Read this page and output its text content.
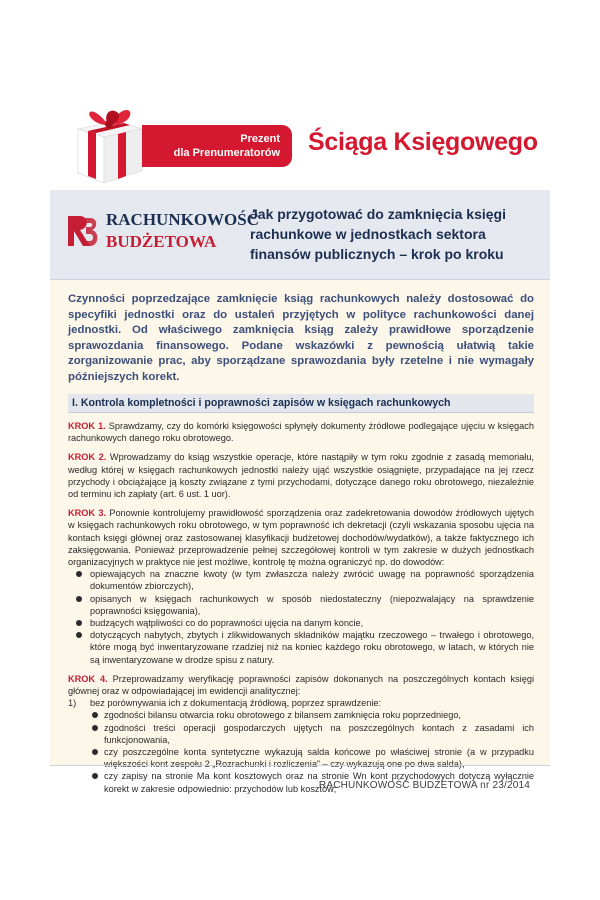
Prezent
dla Prenumeratorów Ściąga Księgowego
RACHUNKOWOŚĆ
BUDŻETOWA
Jak przygotować do zamknięcia księgi rachunkowe w jednostkach sektora finansów publicznych – krok po kroku

Czynności poprzedzające zamknięcie ksiąg rachunkowych należy dostosować do specyfiki jednostki oraz do ustaleń przyjętych w polityce rachunkowości danej jednostki. Od właściwego zamknięcia ksiąg zależy prawidłowe sporządzenie sprawozdania finansowego. Podane wskazówki z pewnością ułatwią takie zorganizowanie prac, aby sporządzane sprawozdania były rzetelne i nie wymagały późniejszych korekt.

I. Kontrola kompletności i poprawności zapisów w księgach rachunkowych

KROK 1. Sprawdzamy, czy do komórki księgowości spłynęły dokumenty źródłowe podlegające ujęciu w księgach rachunkowych danego roku obrotowego.

KROK 2. Wprowadzamy do ksiąg wszystkie operacje, które nastąpiły w tym roku zgodnie z zasadą memoriału, według której w księgach rachunkowych jednostki należy ująć wszystkie osiągnięte, przypadające na jej rzecz przychody i obciążające ją koszty związane z tymi przychodami, dotyczące danego roku obrotowego, niezależnie od terminu ich zapłaty (art. 6 ust. 1 uor).

KROK 3. Ponownie kontrolujemy prawidłowość sporządzenia oraz zadekretowania dowodów źródłowych ujętych w księgach rachunkowych roku obrotowego, w tym poprawność ich dekretacji (czyli wskazania sposobu ujęcia na kontach księgi głównej oraz zastosowanej klasyfikacji budżetowej dochodów/wydatków), a także faktycznego ich zaksięgowania. Ponieważ przeprowadzenie pełnej szczegółowej kontroli w tym zakresie w dużych jednostkach organizacyjnych w praktyce nie jest możliwe, kontrolę tę można ograniczyć np. do dowodów:

opiewających na znaczne kwoty (w tym zwłaszcza należy zwrócić uwagę na poprawność sporządzenia dokumentów zbiorczych),
opisanych w księgach rachunkowych w sposób niedostateczny (niepozwalający na sprawdzenie poprawności księgowania),
budzących wątpliwości co do poprawności ujęcia na danym koncie,
dotyczących nabytych, zbytych i zlikwidowanych składników majątku rzeczowego – trwałego i obrotowego, które mogą być inwentaryzowane rzadziej niż na koniec każdego roku obrotowego, w latach, w których nie są inwentaryzowane w drodze spisu z natury.

KROK 4. Przeprowadzamy weryfikację poprawności zapisów dokonanych na poszczególnych kontach księgi głównej oraz w odpowiadającej im ewidencji analitycznej:

1) bez porównywania ich z dokumentacją źródłową, poprzez sprawdzenie:
zgodności bilansu otwarcia roku obrotowego z bilansem zamknięcia roku poprzedniego,
zgodności treści operacji gospodarczych ujętych na poszczególnych kontach z zasadami ich funkcjonowania,
czy poszczególne konta syntetyczne wykazują salda końcowe po właściwej stronie (a w przypadku większości kont zespołu 2 „Rozrachunki i rozliczenia” – czy wykazują one po dwa salda),
czy zapisy na stronie Ma kont kosztowych oraz na stronie Wn kont przychodowych dotyczą wyłącznie korekt w zakresie odpowiednio: przychodów lub kosztów;
RACHUNKOWOŚĆ BUDŻETOWA nr 23/2014
